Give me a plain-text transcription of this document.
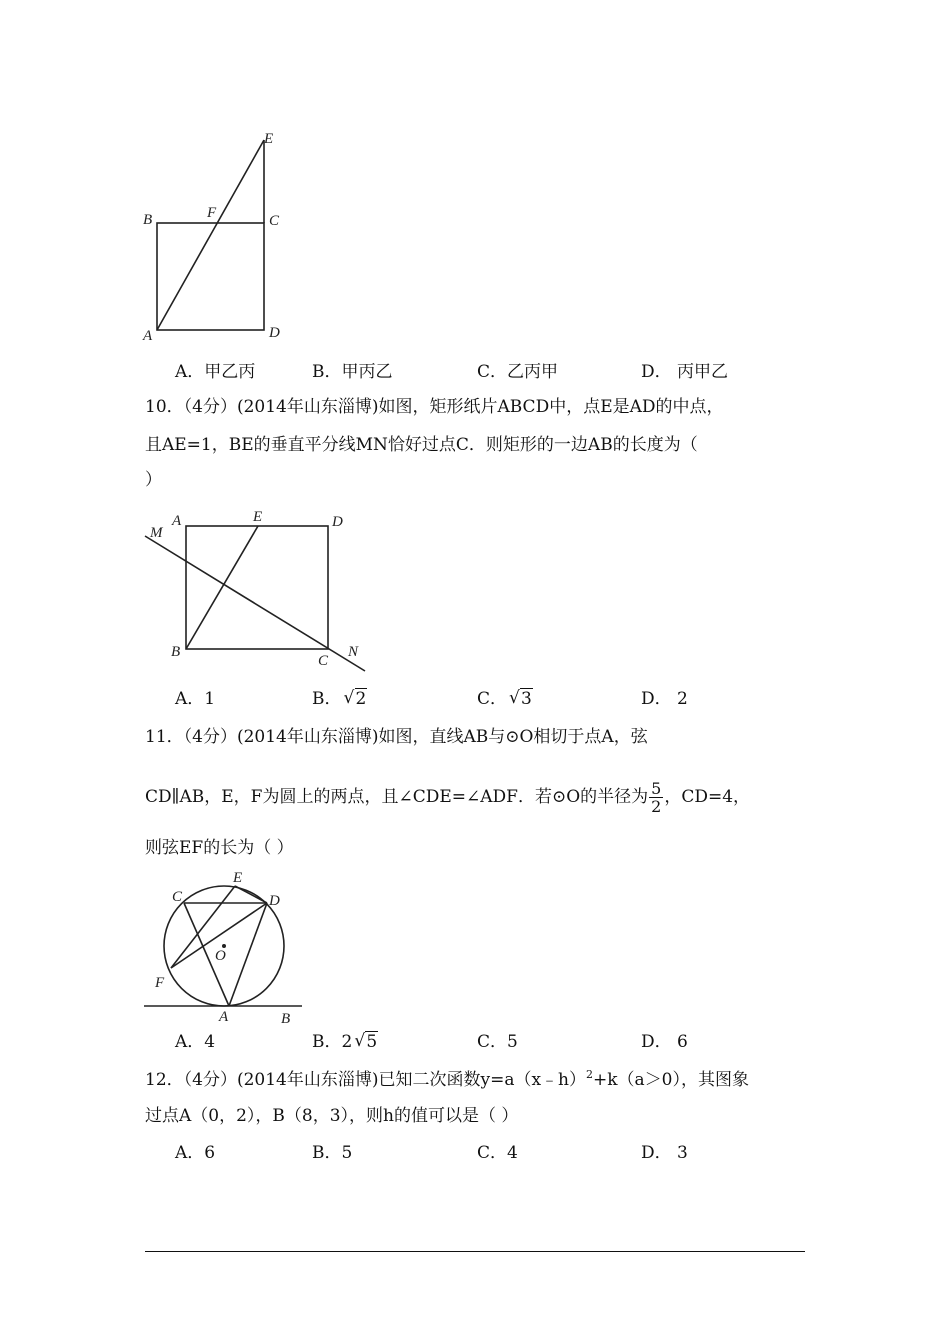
E
B	F	C
A	D
A．甲乙丙	B．甲丙乙	C．乙丙甲	D． 丙甲乙
10．（4分）(2014年山东淄博)如图，矩形纸片ABCD中，点E是AD的中点，
且AE=1，BE的垂直平分线MN恰好过点C．则矩形的一边AB的长度为（
）
M
A	E	D
B
C
N
A．1	B． √ 2	C． √ 3	D． 2
11．（4分）(2014年山东淄博)如图，直线AB与⊙O相切于点A，弦
CD∥AB，E，F为圆上的两点，且∠CDE=∠ADF．若⊙O的半径为 $\frac{5}{2}$ ，CD=4，
则弦EF的长为（ ）
C
E
D
O
F
A	B
A．4	B．2 √ 5	C．5	D． 6
12．（4分）(2014年山东淄博)已知二次函数y=a（x﹣h）$^2$+k（a＞0），其图象
过点A（0，2），B（8，3），则h的值可以是（ ）
A．6	B．5	C．4	D． 3
